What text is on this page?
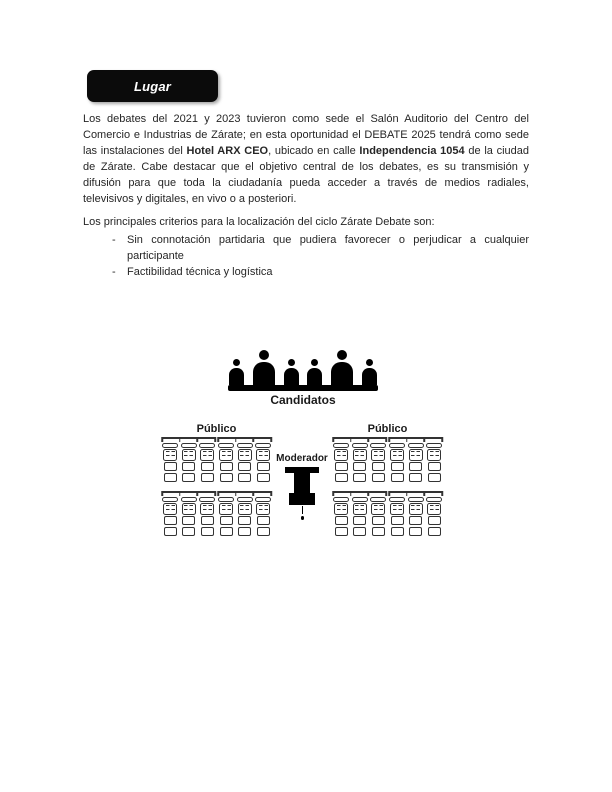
Lugar

Los debates del 2021 y 2023 tuvieron como sede el Salón Auditorio del Centro del Comercio e Industrias de Zárate; en esta oportunidad el DEBATE 2025 tendrá como sede las instalaciones del Hotel ARX CEO, ubicado en calle Independencia 1054 de la ciudad de Zárate. Cabe destacar que el objetivo central de los debates, es su transmisión y difusión para que toda la ciudadanía pueda acceder a través de medios radiales, televisivos y digitales, en vivo o a posteriori.

Los principales criterios para la localización del ciclo Zárate Debate son:

-	Sin connotación partidaria que pudiera favorecer o perjudicar a cualquier participante
-	Factibilidad técnica y logística
Candidatos
Público	Público
Moderador
